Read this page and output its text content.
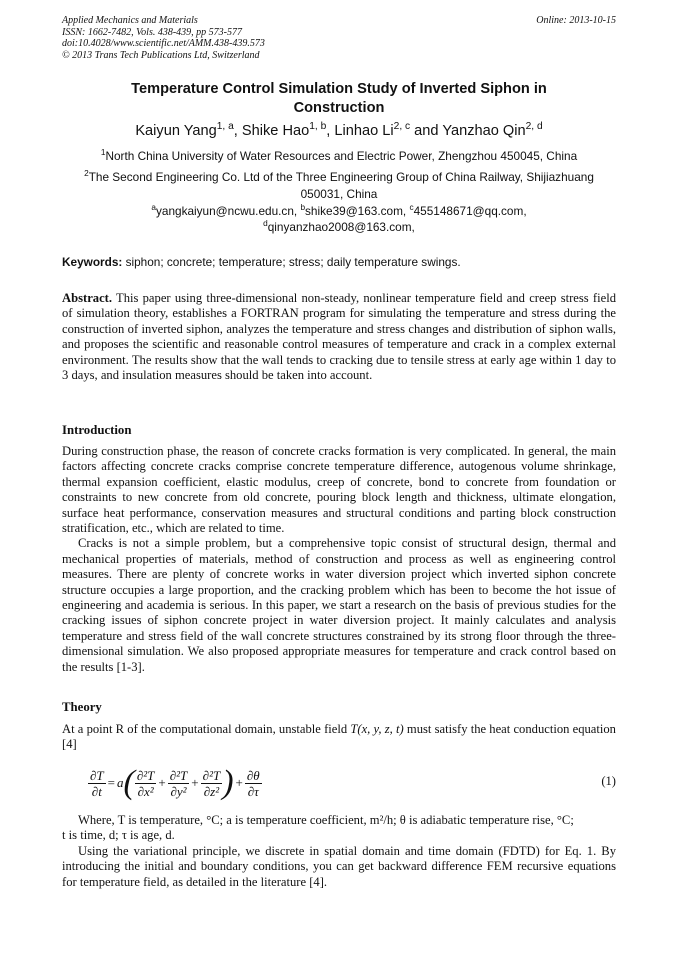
Applied Mechanics and Materials
ISSN: 1662-7482, Vols. 438-439, pp 573-577
doi:10.4028/www.scientific.net/AMM.438-439.573
© 2013 Trans Tech Publications Ltd, Switzerland
Online: 2013-10-15
Temperature Control Simulation Study of Inverted Siphon in
Construction
Kaiyun Yang$^{1, a}$, Shike Hao$^{1, b}$, Linhao Li$^{2, c}$ and Yanzhao Qin$^{2, d}$
$^1$North China University of Water Resources and Electric Power, Zhengzhou 450045, China
$^2$The Second Engineering Co. Ltd of the Three Engineering Group of China Railway, Shijiazhuang
050031, China
$^a$yangkaiyun@ncwu.edu.cn, $^b$shike39@163.com, $^c$455148671@qq.com,
$^d$qinyanzhao2008@163.com,
Keywords: siphon; concrete; temperature; stress; daily temperature swings.

Abstract. This paper using three-dimensional non-steady, nonlinear temperature field and creep stress field of simulation theory, establishes a FORTRAN program for simulating the temperature and stress during the construction of inverted siphon, analyzes the temperature and stress changes and distribution of siphon walls, and proposes the scientific and reasonable control measures of temperature and crack in a complex external environment. The results show that the wall tends to cracking due to tensile stress at early age within 1 day to 3 days, and insulation measures should be taken into account.

Introduction

During construction phase, the reason of concrete cracks formation is very complicated. In general, the main factors affecting concrete cracks comprise concrete temperature difference, autogenous volume shrinkage, thermal expansion coefficient, elastic modulus, creep of concrete, bond to concrete from foundation or constraints to new concrete from old concrete, pouring block length and thickness, ultimate elongation, surface heat performance, conservation measures and structural conditions and parting block construction stratification, etc., which are related to time.

Cracks is not a simple problem, but a comprehensive topic consist of structural design, thermal and mechanical properties of materials, method of construction and process as well as engineering control measures. There are plenty of concrete works in water diversion project which inverted siphon concrete structure occupies a large proportion, and the cracking problem which has been to become the hot issue of engineering and academia is serious. In this paper, we start a research on the basis of previous studies for the cracking issues of siphon concrete project in water diversion project. It mainly calculates and analysis temperature and stress field of the wall concrete structures constrained by its strong floor through the three-dimensional simulation. We also proposed appropriate measures for temperature and crack control based on the results [1-3].

Theory

At a point R of the computational domain, unstable field T(x, y, z, t) must satisfy the heat conduction equation [4]

$\frac{\partial T}{\partial t} = a$ ( $\frac{\text{∂²T}}{\text{∂x²}} + \frac{\text{∂²T}}{\text{∂y²}} + \frac{\text{∂²T}}{\text{∂z²}}$ ) + $\frac{\partial\theta}{\partial\tau}$	(1)

Where, T is temperature, °C; a is temperature coefficient, m²/h; θ is adiabatic temperature rise, °C;

t is time, d; τ is age, d.

Using the variational principle, we discrete in spatial domain and time domain (FDTD) for Eq. 1. By introducing the initial and boundary conditions, you can get backward difference FEM recursive equations for temperature field, as detailed in the literature [4].
